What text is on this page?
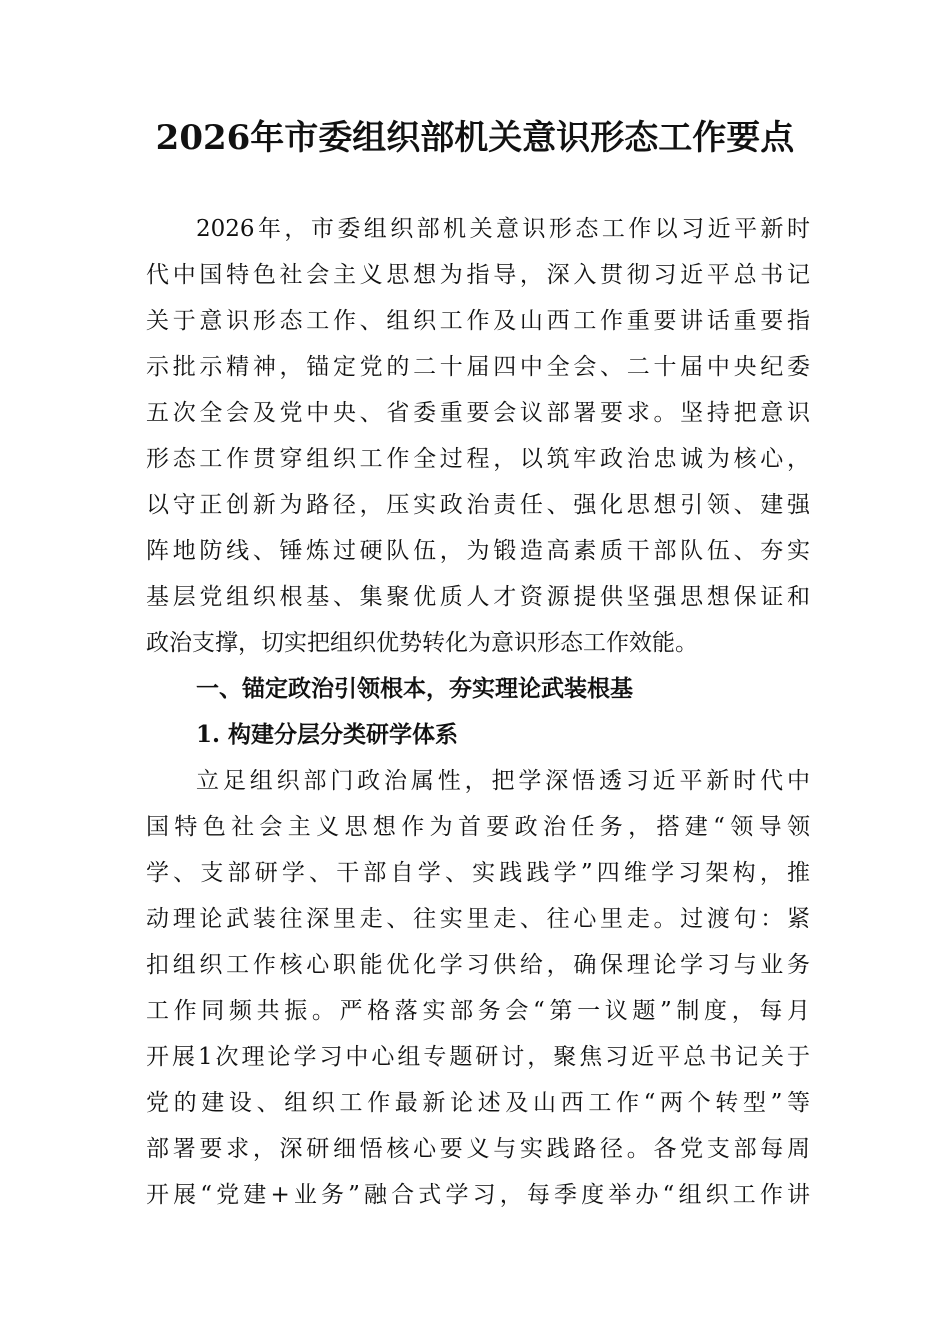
2026年市委组织部机关意识形态工作要点
2026年，市委组织部机关意识形态工作以习近平新时
代中国特色社会主义思想为指导，深入贯彻习近平总书记
关于意识形态工作、组织工作及山西工作重要讲话重要指
示批示精神，锚定党的二十届四中全会、二十届中央纪委
五次全会及党中央、省委重要会议部署要求。坚持把意识
形态工作贯穿组织工作全过程，以筑牢政治忠诚为核心，
以守正创新为路径，压实政治责任、强化思想引领、建强
阵地防线、锤炼过硬队伍，为锻造高素质干部队伍、夯实
基层党组织根基、集聚优质人才资源提供坚强思想保证和
政治支撑，切实把组织优势转化为意识形态工作效能。
一、锚定政治引领根本，夯实理论武装根基
1. 构建分层分类研学体系
立足组织部门政治属性，把学深悟透习近平新时代中
国特色社会主义思想作为首要政治任务，搭建“领导领
学、支部研学、干部自学、实践践学”四维学习架构，推
动理论武装往深里走、往实里走、往心里走。过渡句：紧
扣组织工作核心职能优化学习供给，确保理论学习与业务
工作同频共振。严格落实部务会“第一议题”制度，每月
开展1次理论学习中心组专题研讨，聚焦习近平总书记关于
党的建设、组织工作最新论述及山西工作“两个转型”等
部署要求，深研细悟核心要义与实践路径。各党支部每周
开展“党建+业务”融合式学习，每季度举办“组织工作讲
